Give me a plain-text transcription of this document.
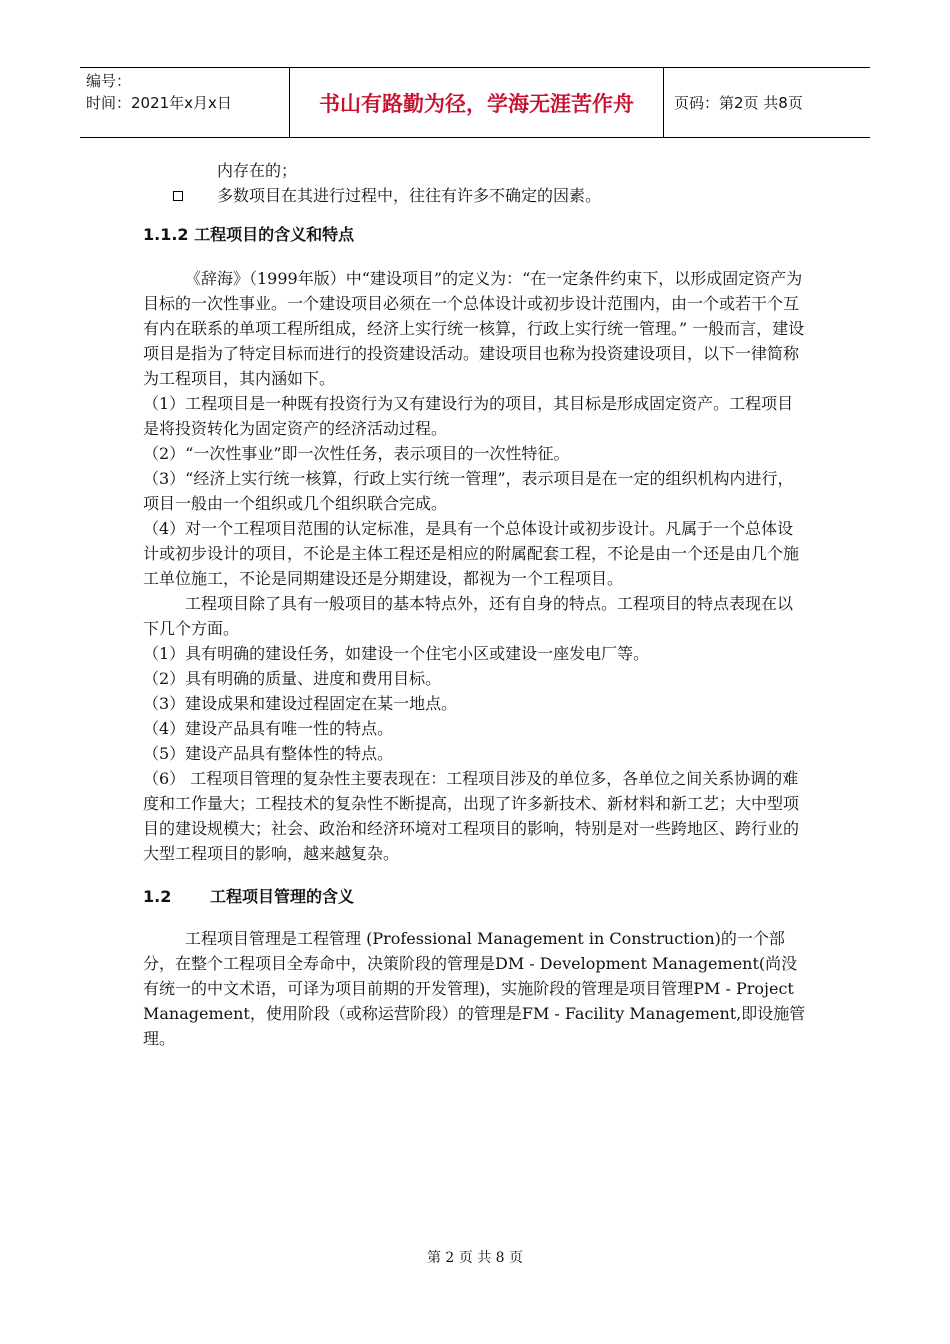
编号：
时间：2021年x月x日	书山有路勤为径，学海无涯苦作舟	页码：第2页 共8页

内存在的；

多数项目在其进行过程中，往往有许多不确定的因素。
1.1.2 工程项目的含义和特点

《辞海》（1999年版）中“建设项目”的定义为：“在一定条件约束下，以形成固定资产为目标的一次性事业。一个建设项目必须在一个总体设计或初步设计范围内，由一个或若干个互有内在联系的单项工程所组成，经济上实行统一核算，行政上实行统一管理。” 一般而言，建设项目是指为了特定目标而进行的投资建设活动。建设项目也称为投资建设项目，以下一律简称为工程项目，其内涵如下。

（1）工程项目是一种既有投资行为又有建设行为的项目，其目标是形成固定资产。工程项目是将投资转化为固定资产的经济活动过程。

（2）“一次性事业”即一次性任务，表示项目的一次性特征。

（3）“经济上实行统一核算，行政上实行统一管理”，表示项目是在一定的组织机构内进行，项目一般由一个组织或几个组织联合完成。

（4）对一个工程项目范围的认定标准，是具有一个总体设计或初步设计。凡属于一个总体设计或初步设计的项目，不论是主体工程还是相应的附属配套工程，不论是由一个还是由几个施工单位施工，不论是同期建设还是分期建设，都视为一个工程项目。

工程项目除了具有一般项目的基本特点外，还有自身的特点。工程项目的特点表现在以下几个方面。

（1）具有明确的建设任务，如建设一个住宅小区或建设一座发电厂等。

（2）具有明确的质量、进度和费用目标。

（3）建设成果和建设过程固定在某一地点。

（4）建设产品具有唯一性的特点。

（5）建设产品具有整体性的特点。

（6） 工程项目管理的复杂性主要表现在：工程项目涉及的单位多，各单位之间关系协调的难度和工作量大；工程技术的复杂性不断提高，出现了许多新技术、新材料和新工艺；大中型项目的建设规模大；社会、政治和经济环境对工程项目的影响，特别是对一些跨地区、跨行业的大型工程项目的影响，越来越复杂。

1.2 工程项目管理的含义

工程项目管理是工程管理 (Professional Management in Construction)的一个部分，在整个工程项目全寿命中，决策阶段的管理是DM - Development Management(尚没有统一的中文术语，可译为项目前期的开发管理)，实施阶段的管理是项目管理PM - Project Management，使用阶段（或称运营阶段）的管理是FM - Facility Management,即设施管理。

第 2 页 共 8 页
